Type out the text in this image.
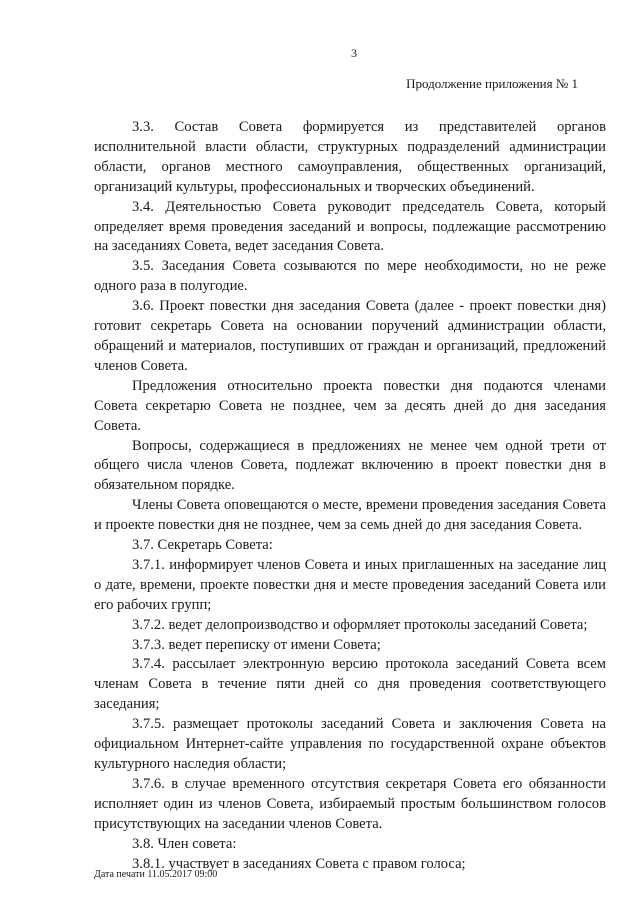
3
Продолжение приложения № 1

3.3. Состав Совета формируется из представителей органов исполнительной власти области, структурных подразделений администрации области, органов местного самоуправления, общественных организаций, организаций культуры, профессиональных и творческих объединений.

3.4. Деятельностью Совета руководит председатель Совета, который определяет время проведения заседаний и вопросы, подлежащие рассмотрению на заседаниях Совета, ведет заседания Совета.

3.5. Заседания Совета созываются по мере необходимости, но не реже одного раза в полугодие.

3.6. Проект повестки дня заседания Совета (далее - проект повестки дня) готовит секретарь Совета на основании поручений администрации области, обращений и материалов, поступивших от граждан и организаций, предложений членов Совета.

Предложения относительно проекта повестки дня подаются членами Совета секретарю Совета не позднее, чем за десять дней до дня заседания Совета.

Вопросы, содержащиеся в предложениях не менее чем одной трети от общего числа членов Совета, подлежат включению в проект повестки дня в обязательном порядке.

Члены Совета оповещаются о месте, времени проведения заседания Совета и проекте повестки дня не позднее, чем за семь дней до дня заседания Совета.

3.7. Секретарь Совета:

3.7.1. информирует членов Совета и иных приглашенных на заседание лиц о дате, времени, проекте повестки дня и месте проведения заседаний Совета или его рабочих групп;

3.7.2. ведет делопроизводство и оформляет протоколы заседаний Совета;

3.7.3. ведет переписку от имени Совета;

3.7.4. рассылает электронную версию протокола заседаний Совета всем членам Совета в течение пяти дней со дня проведения соответствующего заседания;

3.7.5. размещает протоколы заседаний Совета и заключения Совета на официальном Интернет-сайте управления по государственной охране объектов культурного наследия области;

3.7.6. в случае временного отсутствия секретаря Совета его обязанности исполняет один из членов Совета, избираемый простым большинством голосов присутствующих на заседании членов Совета.

3.8. Член совета:

3.8.1. участвует в заседаниях Совета с правом голоса;

Дата печати 11.05.2017 09:00
